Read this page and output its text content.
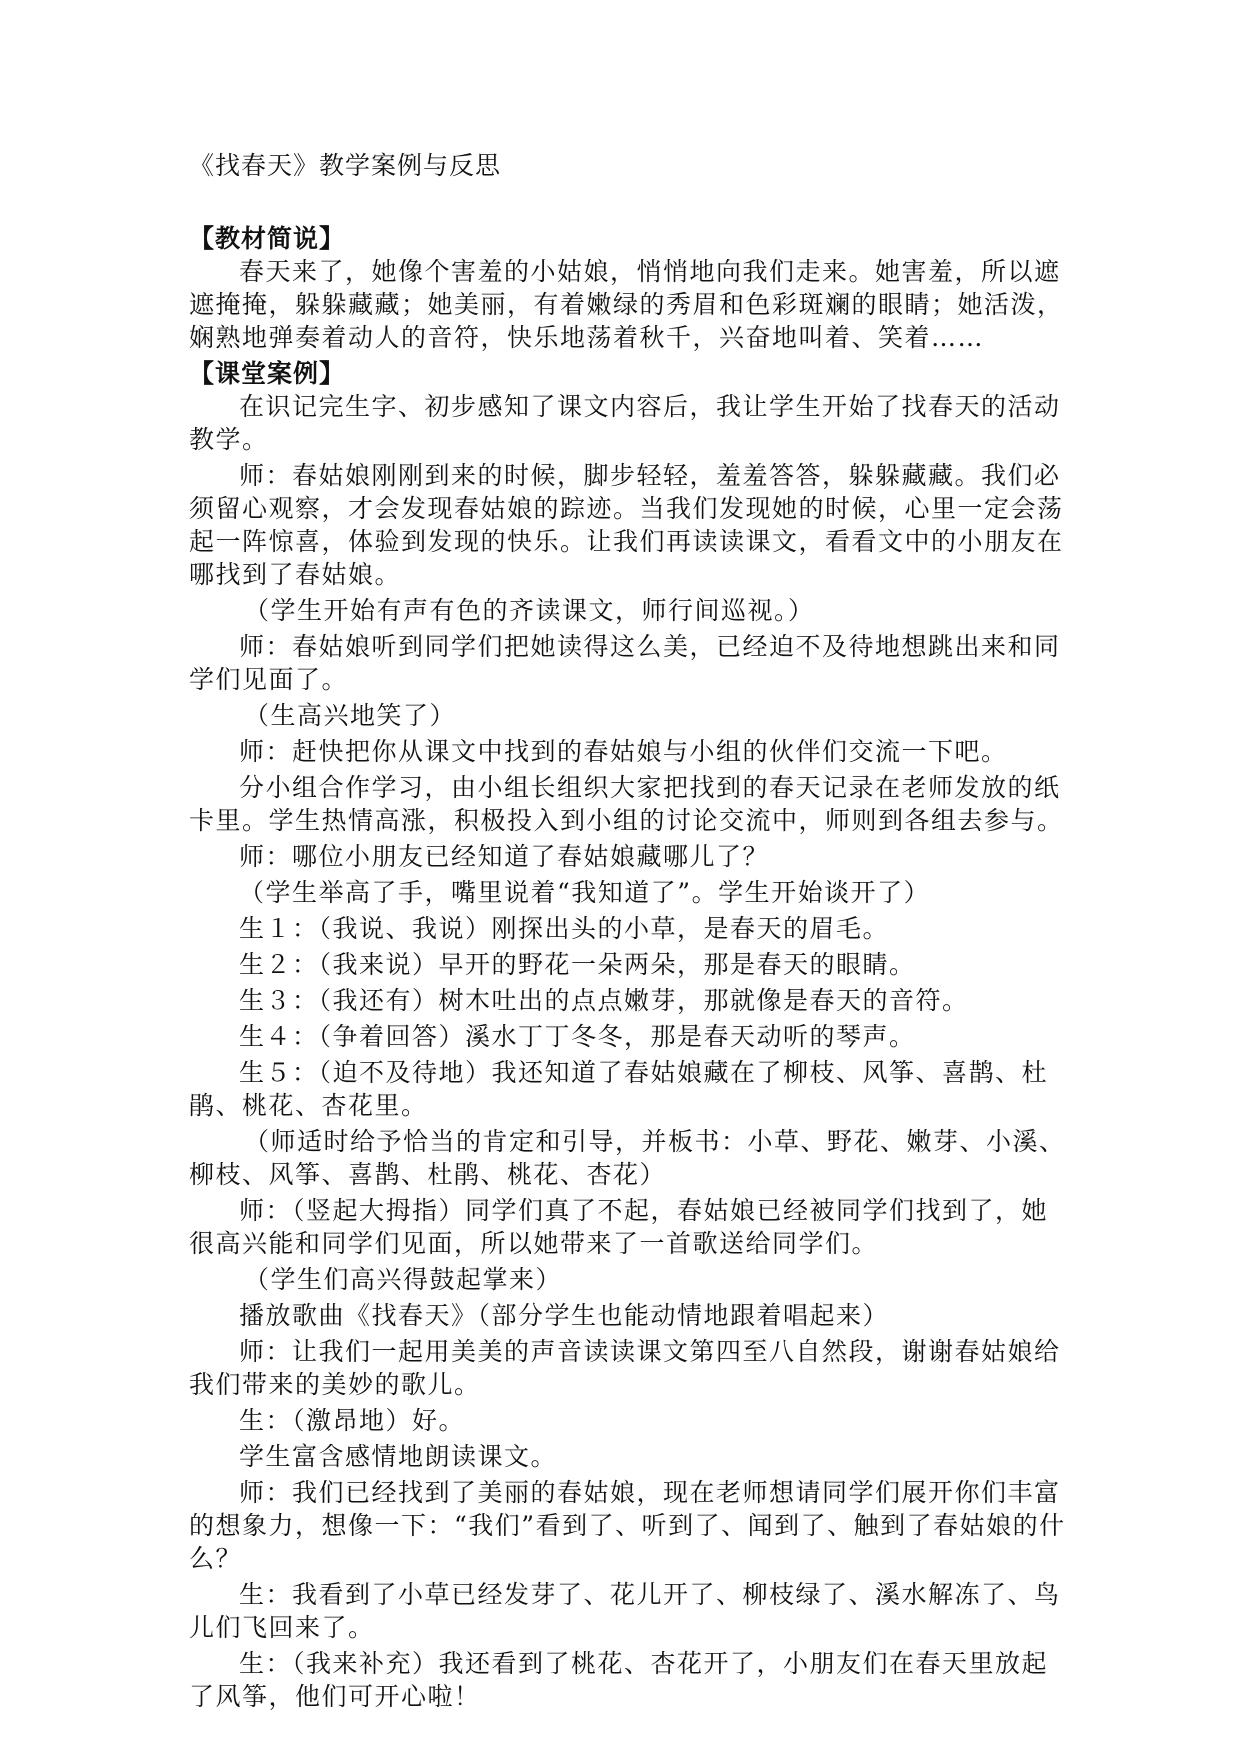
《找春天》教学案例与反思
【教材简说】

春天来了，她像个害羞的小姑娘，悄悄地向我们走来。她害羞，所以遮遮掩掩，躲躲藏藏；她美丽，有着嫩绿的秀眉和色彩斑斓的眼睛；她活泼，娴熟地弹奏着动人的音符，快乐地荡着秋千，兴奋地叫着、笑着……

【课堂案例】

在识记完生字、初步感知了课文内容后，我让学生开始了找春天的活动教学。

师：春姑娘刚刚到来的时候，脚步轻轻，羞羞答答，躲躲藏藏。我们必须留心观察，才会发现春姑娘的踪迹。当我们发现她的时候，心里一定会荡起一阵惊喜，体验到发现的快乐。让我们再读读课文，看看文中的小朋友在哪找到了春姑娘。

（学生开始有声有色的齐读课文，师行间巡视。）

师：春姑娘听到同学们把她读得这么美，已经迫不及待地想跳出来和同学们见面了。

（生高兴地笑了）

师：赶快把你从课文中找到的春姑娘与小组的伙伴们交流一下吧。

分小组合作学习，由小组长组织大家把找到的春天记录在老师发放的纸卡里。学生热情高涨，积极投入到小组的讨论交流中，师则到各组去参与。

师：哪位小朋友已经知道了春姑娘藏哪儿了？

（学生举高了手，嘴里说着“我知道了”。学生开始谈开了）

生１：（我说、我说）刚探出头的小草，是春天的眉毛。

生２：（我来说）早开的野花一朵两朵，那是春天的眼睛。

生３：（我还有）树木吐出的点点嫩芽，那就像是春天的音符。

生４：（争着回答）溪水丁丁冬冬，那是春天动听的琴声。

生５：（迫不及待地）我还知道了春姑娘藏在了柳枝、风筝、喜鹊、杜鹃、桃花、杏花里。

（师适时给予恰当的肯定和引导，并板书：小草、野花、嫩芽、小溪、柳枝、风筝、喜鹊、杜鹃、桃花、杏花）

师：（竖起大拇指）同学们真了不起，春姑娘已经被同学们找到了，她很高兴能和同学们见面，所以她带来了一首歌送给同学们。

（学生们高兴得鼓起掌来）

播放歌曲《找春天》（部分学生也能动情地跟着唱起来）

师：让我们一起用美美的声音读读课文第四至八自然段，谢谢春姑娘给我们带来的美妙的歌儿。

生：（激昂地）好。

学生富含感情地朗读课文。

师：我们已经找到了美丽的春姑娘，现在老师想请同学们展开你们丰富的想象力，想像一下：“我们”看到了、听到了、闻到了、触到了春姑娘的什么？

生：我看到了小草已经发芽了、花儿开了、柳枝绿了、溪水解冻了、鸟儿们飞回来了。

生：（我来补充）我还看到了桃花、杏花开了，小朋友们在春天里放起了风筝，他们可开心啦！
